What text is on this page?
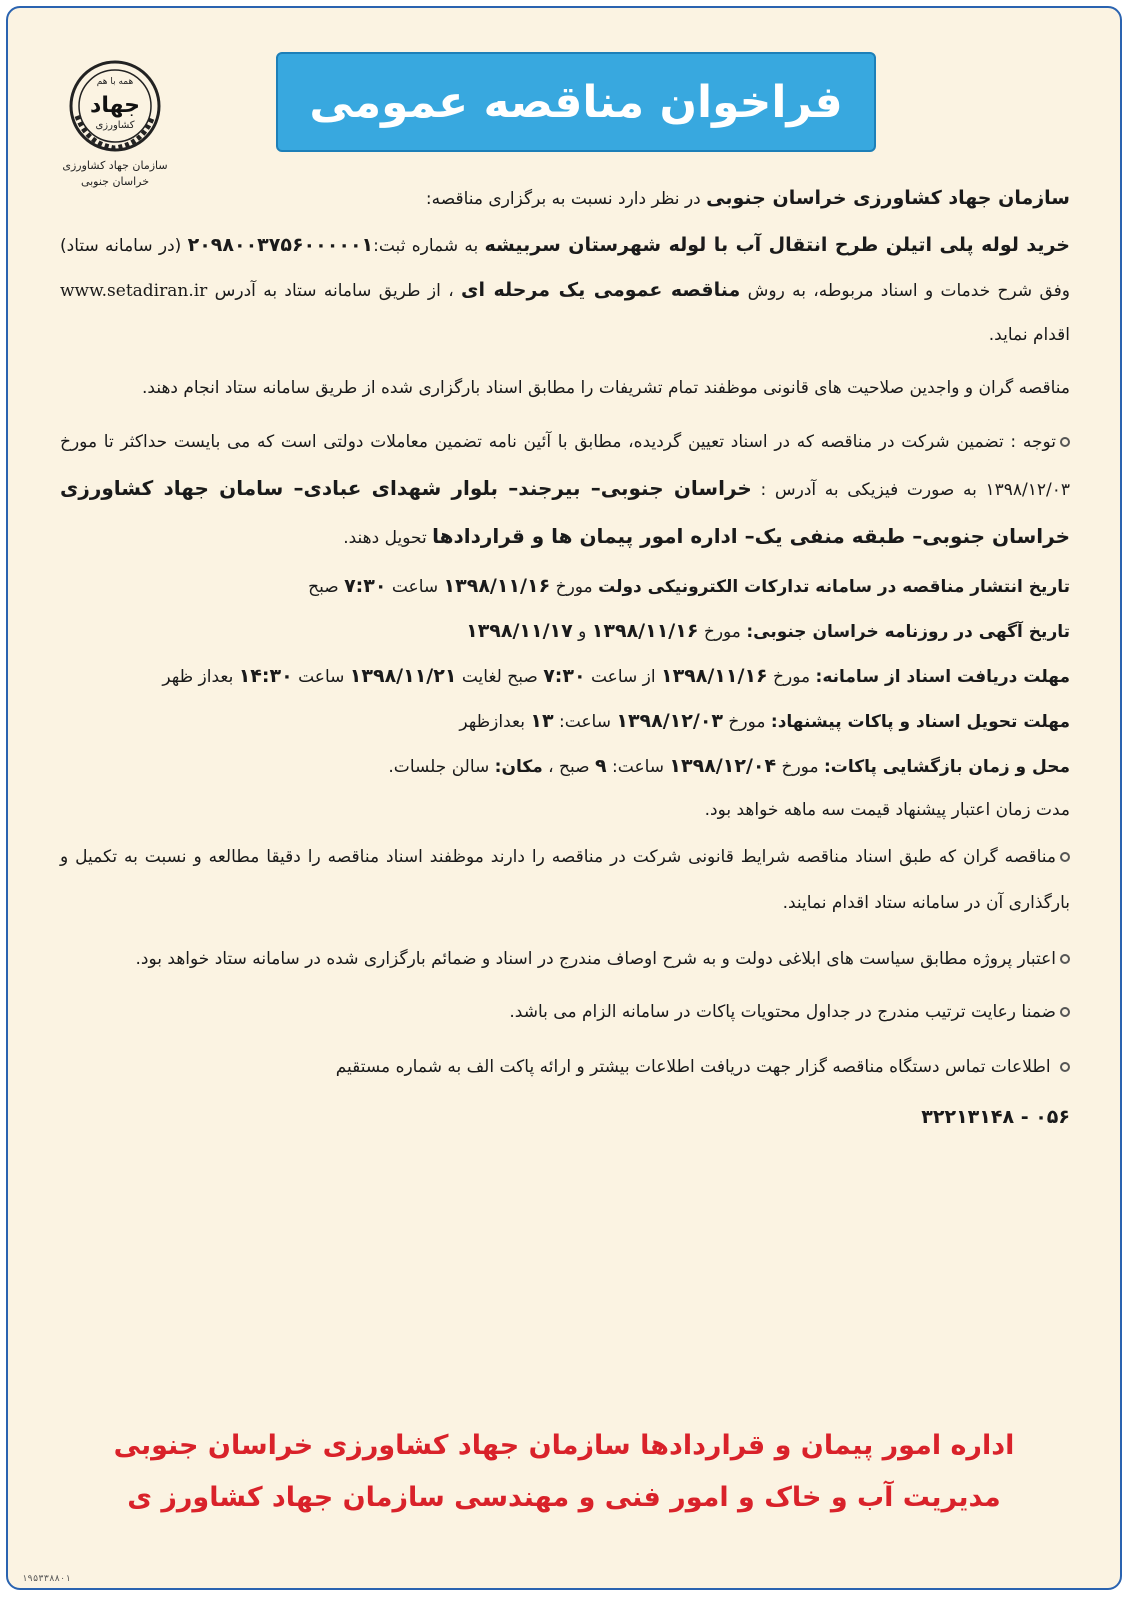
همه با هم
جهاد
کشاورزی
سازمان جهاد کشاورزی
خراسان جنوبی
فراخوان مناقصه عمومی

سازمان جهاد کشاورزی خراسان جنوبی در نظر دارد نسبت به برگزاری مناقصه:

خرید لوله پلی اتیلن طرح انتقال آب با لوله شهرستان سربیشه به شماره ثبت:۲۰۹۸۰۰۳۷۵۶۰۰۰۰۰۱ (در سامانه ستاد) وفق شرح خدمات و اسناد مربوطه، به روش مناقصه عمومی یک مرحله ای ، از طریق سامانه ستاد به آدرس www.setadiran.ir اقدام نماید.

مناقصه گران و واجدین صلاحیت های قانونی موظفند تمام تشریفات را مطابق اسناد بارگزاری شده از طریق سامانه ستاد انجام دهند.

توجه : تضمین شرکت در مناقصه که در اسناد تعیین گردیده، مطابق با آئین نامه تضمین معاملات دولتی است که می بایست حداکثر تا مورخ ۱۳۹۸/۱۲/۰۳ به صورت فیزیکی به آدرس : خراسان جنوبی– بیرجند– بلوار شهدای عبادی– سامان جهاد کشاورزی خراسان جنوبی– طبقه منفی یک– اداره امور پیمان ها و قراردادها تحویل دهند.

تاریخ انتشار مناقصه در سامانه تدارکات الکترونیکی دولت مورخ ۱۳۹۸/۱۱/۱۶ ساعت ۷:۳۰ صبح
تاریخ آگهی در روزنامه خراسان جنوبی: مورخ ۱۳۹۸/۱۱/۱۶ و ۱۳۹۸/۱۱/۱۷
مهلت دریافت اسناد از سامانه: مورخ ۱۳۹۸/۱۱/۱۶ از ساعت ۷:۳۰ صبح لغایت ۱۳۹۸/۱۱/۲۱ ساعت ۱۴:۳۰ بعداز ظهر
مهلت تحویل اسناد و پاکات پیشنهاد: مورخ ۱۳۹۸/۱۲/۰۳ ساعت: ۱۳ بعدازظهر
محل و زمان بازگشایی پاکات: مورخ ۱۳۹۸/۱۲/۰۴ ساعت: ۹ صبح ، مکان: سالن جلسات.

مدت زمان اعتبار پیشنهاد قیمت سه ماهه خواهد بود.

مناقصه گران که طبق اسناد مناقصه شرایط قانونی شرکت در مناقصه را دارند موظفند اسناد مناقصه را دقیقا مطالعه و نسبت به تکمیل و بارگذاری آن در سامانه ستاد اقدام نمایند.

اعتبار پروژه مطابق سیاست های ابلاغی دولت و به شرح اوصاف مندرج در اسناد و ضمائم بارگزاری شده در سامانه ستاد خواهد بود.

ضمنا رعایت ترتیب مندرج در جداول محتویات پاکات در سامانه الزام می باشد.

اطلاعات تماس دستگاه مناقصه گزار جهت دریافت اطلاعات بیشتر و ارائه پاکت الف به شماره مستقیم
۰۵۶ - ۳۲۲۱۳۱۴۸

اداره امور پیمان و قراردادها سازمان جهاد کشاورزی خراسان جنوبی
مدیریت آب و خاک و امور فنی و مهندسی سازمان جهاد کشاورز ی
۱۹۵۳۳۸۸۰۱
